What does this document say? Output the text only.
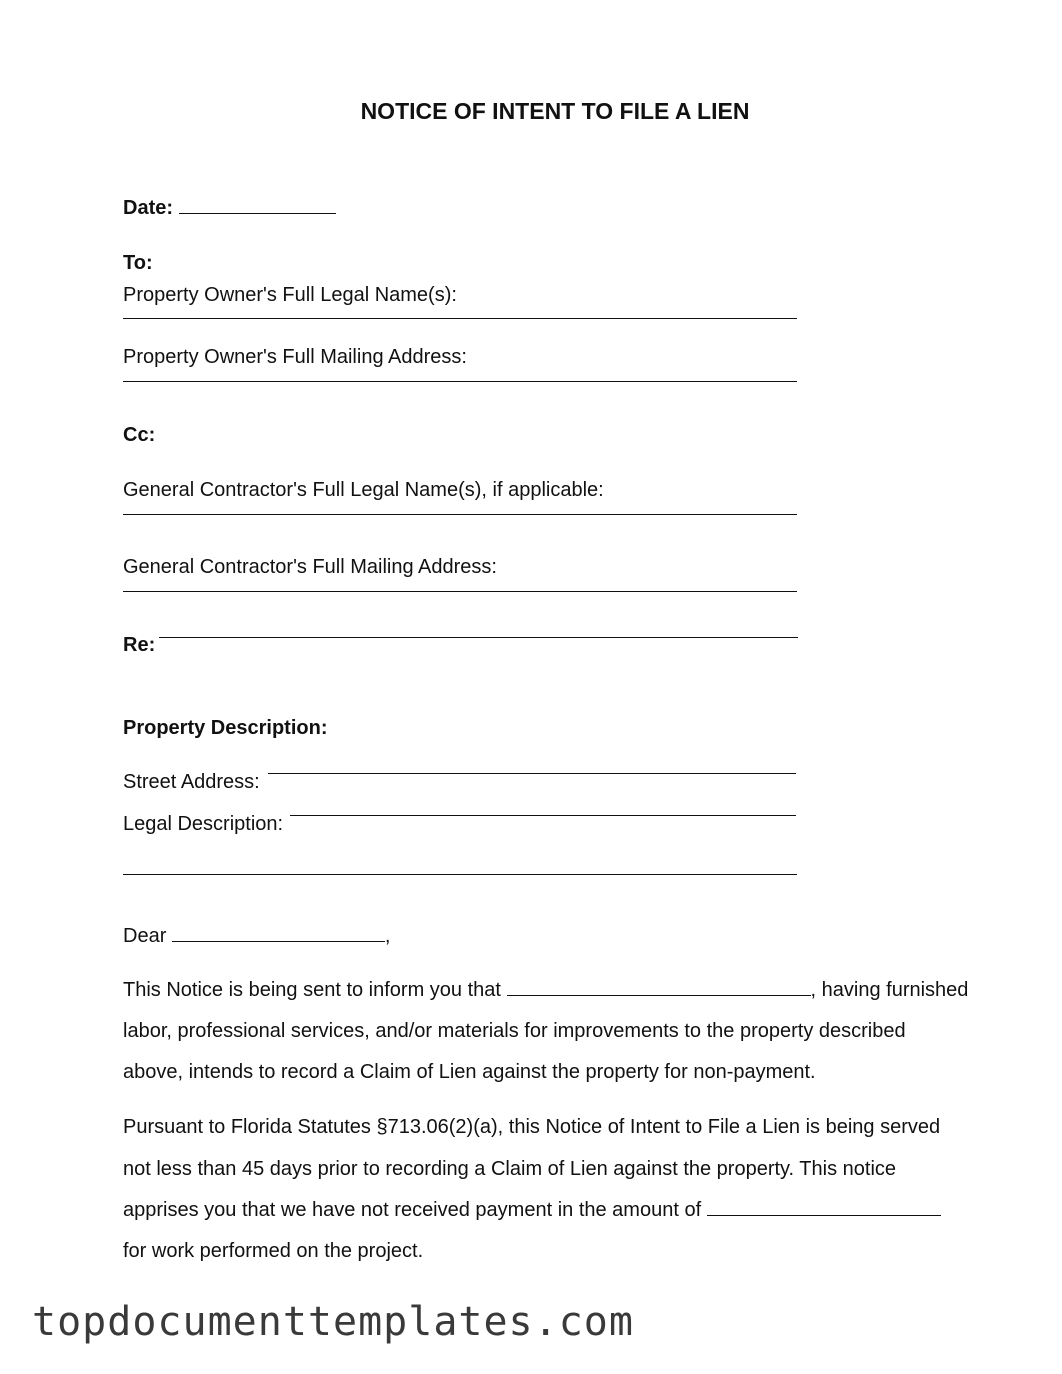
NOTICE OF INTENT TO FILE A LIEN
Date:
To:
Property Owner's Full Legal Name(s):
Property Owner's Full Mailing Address:
Cc:
General Contractor's Full Legal Name(s), if applicable:
General Contractor's Full Mailing Address:
Re:
Property Description:
Street Address:
Legal Description:
Dear	,
This Notice is being sent to inform you that	, having furnished
labor, professional services, and/or materials for improvements to the property described
above, intends to record a Claim of Lien against the property for non-payment.
Pursuant to Florida Statutes §713.06(2)(a), this Notice of Intent to File a Lien is being served
not less than 45 days prior to recording a Claim of Lien against the property. This notice
apprises you that we have not received payment in the amount of
for work performed on the project.
topdocumenttemplates.com
